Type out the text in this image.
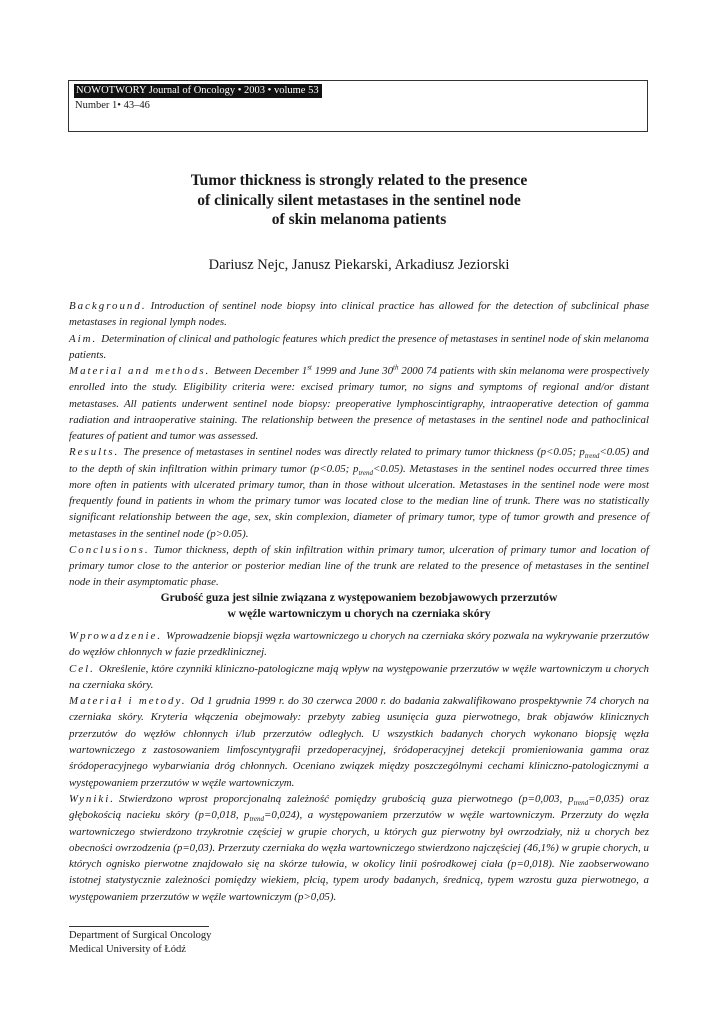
NOWOTWORY Journal of Oncology • 2003 • volume 53
Number 1• 43–46
Tumor thickness is strongly related to the presence
of clinically silent metastases in the sentinel node
of skin melanoma patients
Dariusz Nejc, Janusz Piekarski, Arkadiusz Jeziorski

Background. Introduction of sentinel node biopsy into clinical practice has allowed for the detection of subclinical phase metastases in regional lymph nodes.

Aim. Determination of clinical and pathologic features which predict the presence of metastases in sentinel node of skin melanoma patients.

Material and methods. Between December 1st 1999 and June 30th 2000 74 patients with skin melanoma were prospectively enrolled into the study. Eligibility criteria were: excised primary tumor, no signs and symptoms of regional and/or distant metastases. All patients underwent sentinel node biopsy: preoperative lymphoscintigraphy, intraoperative detection of gamma radiation and intraoperative staining. The relationship between the presence of metastases in the sentinel node and pathoclinical features of patient and tumor was assessed.

Results. The presence of metastases in sentinel nodes was directly related to primary tumor thickness (p<0.05; $p_{trend}<0.05$) and to the depth of skin infiltration within primary tumor (p<0.05; $p_{trend}<0.05$). Metastases in the sentinel nodes occurred three times more often in patients with ulcerated primary tumor, than in those without ulceration. Metastases in the sentinel node were most frequently found in patients in whom the primary tumor was located close to the median line of trunk. There was no statistically significant relationship between the age, sex, skin complexion, diameter of primary tumor, type of tumor growth and presence of metastases in the sentinel node (p>0.05).

Conclusions. Tumor thickness, depth of skin infiltration within primary tumor, ulceration of primary tumor and location of primary tumor close to the anterior or posterior median line of the trunk are related to the presence of metastases in the sentinel node in their asymptomatic phase.

Grubość guza jest silnie związana z występowaniem bezobjawowych przerzutów
w węźle wartowniczym u chorych na czerniaka skóry

Wprowadzenie. Wprowadzenie biopsji węzła wartowniczego u chorych na czerniaka skóry pozwala na wykrywanie przerzutów do węzłów chłonnych w fazie przedklinicznej.

Cel. Określenie, które czynniki kliniczno-patologiczne mają wpływ na występowanie przerzutów w węźle wartowniczym u chorych na czerniaka skóry.

Materiał i metody. Od 1 grudnia 1999 r. do 30 czerwca 2000 r. do badania zakwalifikowano prospektywnie 74 chorych na czerniaka skóry. Kryteria włączenia obejmowały: przebyty zabieg usunięcia guza pierwotnego, brak objawów klinicznych przerzutów do węzłów chłonnych i/lub przerzutów odległych. U wszystkich badanych chorych wykonano biopsję węzła wartowniczego z zastosowaniem limfoscyntygrafii przedoperacyjnej, śródoperacyjnej detekcji promieniowania gamma oraz śródoperacyjnego wybarwiania dróg chłonnych. Oceniano związek między poszczególnymi cechami kliniczno-patologicznymi a występowaniem przerzutów w węźle wartowniczym.

Wyniki. Stwierdzono wprost proporcjonalną zależność pomiędzy grubością guza pierwotnego (p=0,003, $p_{trend}=0,035$) oraz głębokością nacieku skóry (p=0,018, $p_{trend}=0,024$), a występowaniem przerzutów w węźle wartowniczym. Przerzuty do węzła wartowniczego stwierdzono trzykrotnie częściej w grupie chorych, u których guz pierwotny był owrzodziały, niż u chorych bez obecności owrzodzenia (p=0,03). Przerzuty czerniaka do węzła wartowniczego stwierdzono najczęściej (46,1%) w grupie chorych, u których ognisko pierwotne znajdowało się na skórze tułowia, w okolicy linii pośrodkowej ciała (p=0,018). Nie zaobserwowano istotnej statystycznie zależności pomiędzy wiekiem, płcią, typem urody badanych, średnicą, typem wzrostu guza pierwotnego, a występowaniem przerzutów w węźle wartowniczym (p>0,05).

Department of Surgical Oncology
Medical University of Łódź
